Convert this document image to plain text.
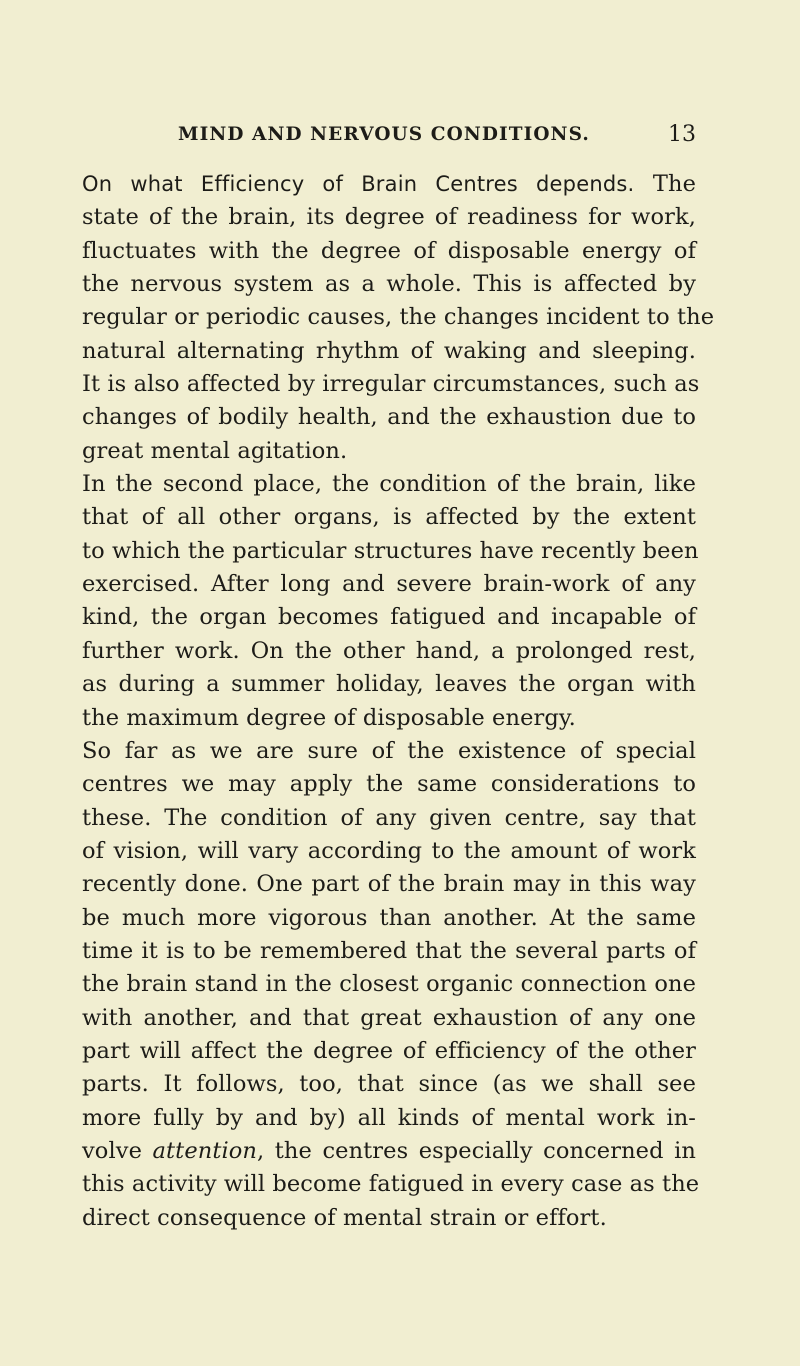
MIND AND NERVOUS CONDITIONS.	13
On what Efficiency of Brain Centres depends. The
state of the brain, its degree of readiness for work,
fluctuates with the degree of disposable energy of
the nervous system as a whole. This is affected by
regular or periodic causes, the changes incident to the
natural alternating rhythm of waking and sleeping.
It is also affected by irregular circumstances, such as
changes of bodily health, and the exhaustion due to
great mental agitation.
In the second place, the condition of the brain, like
that of all other organs, is affected by the extent
to which the particular structures have recently been
exercised. After long and severe brain-work of any
kind, the organ becomes fatigued and incapable of
further work. On the other hand, a prolonged rest,
as during a summer holiday, leaves the organ with
the maximum degree of disposable energy.
So far as we are sure of the existence of special
centres we may apply the same considerations to
these. The condition of any given centre, say that
of vision, will vary according to the amount of work
recently done. One part of the brain may in this way
be much more vigorous than another. At the same
time it is to be remembered that the several parts of
the brain stand in the closest organic connection one
with another, and that great exhaustion of any one
part will affect the degree of efficiency of the other
parts. It follows, too, that since (as we shall see
more fully by and by) all kinds of mental work in-
volve attention, the centres especially concerned in
this activity will become fatigued in every case as the
direct consequence of mental strain or effort.
